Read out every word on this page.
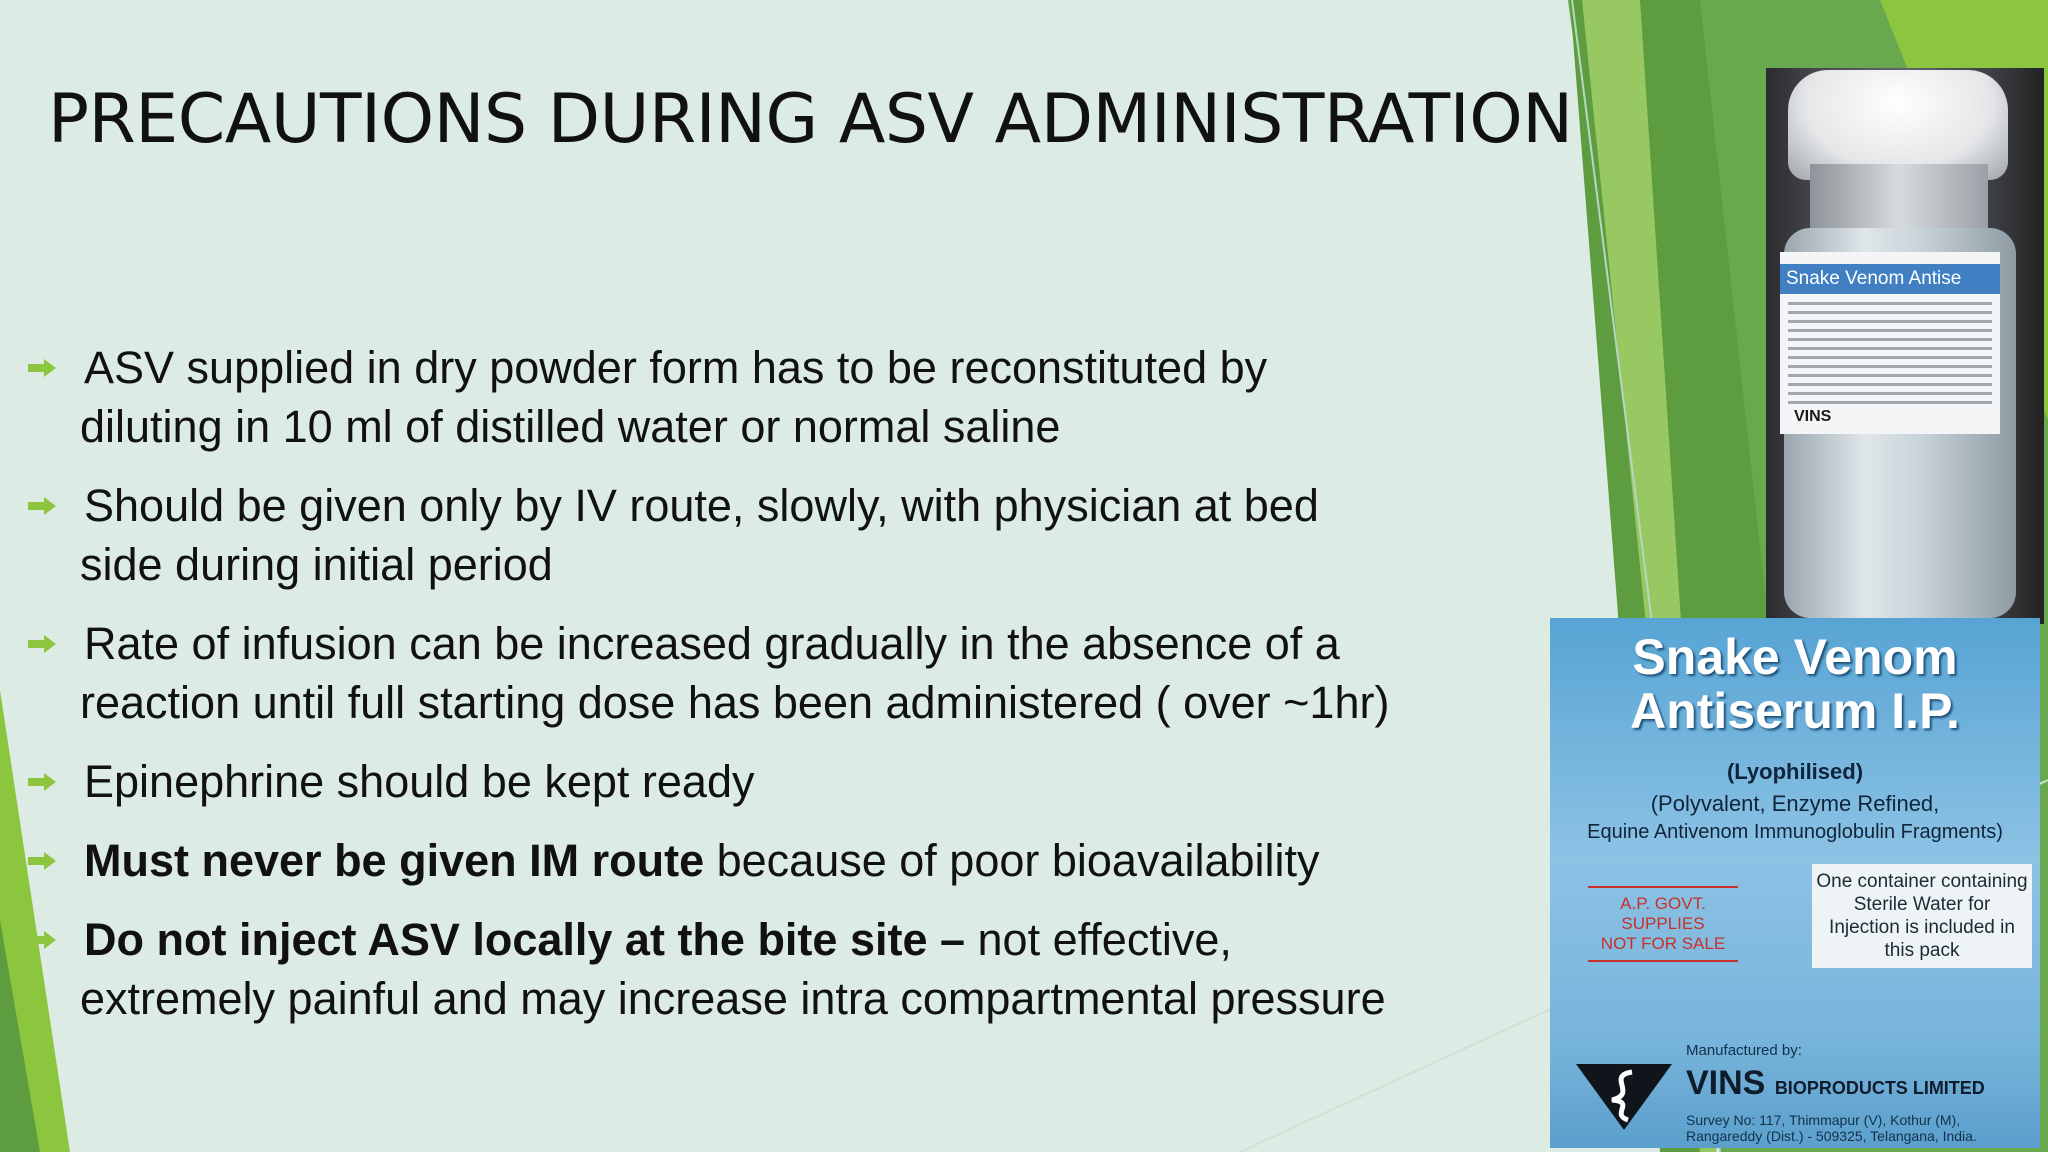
PRECAUTIONS DURING ASV ADMINISTRATION
ASV supplied in dry powder form has to be reconstituted by
diluting in 10 ml of distilled water or normal saline
Should be given only by IV route, slowly, with physician at bed
side during initial period
Rate of infusion can be increased gradually in the absence of a
reaction until full starting dose has been administered ( over ~1hr)
Epinephrine should be kept ready
Must never be given IM route because of poor bioavailability
Do not inject ASV locally at the bite site – not effective,
extremely painful and may increase intra compartmental pressure
Snake Venom Antise
VINS
Snake Venom
Antiserum I.P.
(Lyophilised)
(Polyvalent, Enzyme Refined,
Equine Antivenom Immunoglobulin Fragments)
A.P. GOVT. SUPPLIES
NOT FOR SALE
One container containing Sterile Water for Injection is included in this pack
Manufactured by:
VINS BIOPRODUCTS LIMITED
Survey No: 117, Thimmapur (V), Kothur (M),
Rangareddy (Dist.) - 509325, Telangana, India.
